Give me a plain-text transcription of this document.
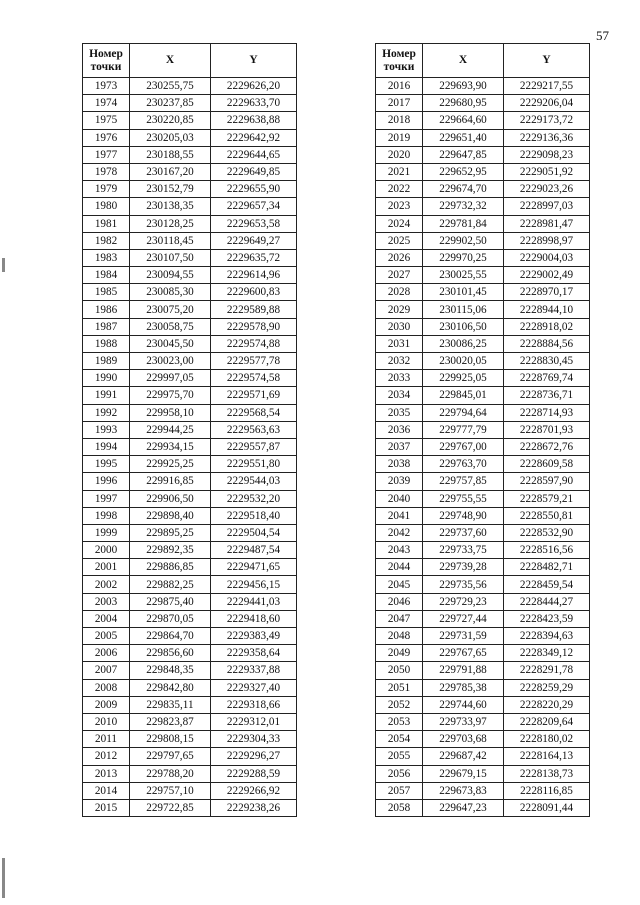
57
Номер
точки	X	Y
1973	230255,75	2229626,20
1974	230237,85	2229633,70
1975	230220,85	2229638,88
1976	230205,03	2229642,92
1977	230188,55	2229644,65
1978	230167,20	2229649,85
1979	230152,79	2229655,90
1980	230138,35	2229657,34
1981	230128,25	2229653,58
1982	230118,45	2229649,27
1983	230107,50	2229635,72
1984	230094,55	2229614,96
1985	230085,30	2229600,83
1986	230075,20	2229589,88
1987	230058,75	2229578,90
1988	230045,50	2229574,88
1989	230023,00	2229577,78
1990	229997,05	2229574,58
1991	229975,70	2229571,69
1992	229958,10	2229568,54
1993	229944,25	2229563,63
1994	229934,15	2229557,87
1995	229925,25	2229551,80
1996	229916,85	2229544,03
1997	229906,50	2229532,20
1998	229898,40	2229518,40
1999	229895,25	2229504,54
2000	229892,35	2229487,54
2001	229886,85	2229471,65
2002	229882,25	2229456,15
2003	229875,40	2229441,03
2004	229870,05	2229418,60
2005	229864,70	2229383,49
2006	229856,60	2229358,64
2007	229848,35	2229337,88
2008	229842,80	2229327,40
2009	229835,11	2229318,66
2010	229823,87	2229312,01
2011	229808,15	2229304,33
2012	229797,65	2229296,27
2013	229788,20	2229288,59
2014	229757,10	2229266,92
2015	229722,85	2229238,26
Номер
точки	X	Y
2016	229693,90	2229217,55
2017	229680,95	2229206,04
2018	229664,60	2229173,72
2019	229651,40	2229136,36
2020	229647,85	2229098,23
2021	229652,95	2229051,92
2022	229674,70	2229023,26
2023	229732,32	2228997,03
2024	229781,84	2228981,47
2025	229902,50	2228998,97
2026	229970,25	2229004,03
2027	230025,55	2229002,49
2028	230101,45	2228970,17
2029	230115,06	2228944,10
2030	230106,50	2228918,02
2031	230086,25	2228884,56
2032	230020,05	2228830,45
2033	229925,05	2228769,74
2034	229845,01	2228736,71
2035	229794,64	2228714,93
2036	229777,79	2228701,93
2037	229767,00	2228672,76
2038	229763,70	2228609,58
2039	229757,85	2228597,90
2040	229755,55	2228579,21
2041	229748,90	2228550,81
2042	229737,60	2228532,90
2043	229733,75	2228516,56
2044	229739,28	2228482,71
2045	229735,56	2228459,54
2046	229729,23	2228444,27
2047	229727,44	2228423,59
2048	229731,59	2228394,63
2049	229767,65	2228349,12
2050	229791,88	2228291,78
2051	229785,38	2228259,29
2052	229744,60	2228220,29
2053	229733,97	2228209,64
2054	229703,68	2228180,02
2055	229687,42	2228164,13
2056	229679,15	2228138,73
2057	229673,83	2228116,85
2058	229647,23	2228091,44
